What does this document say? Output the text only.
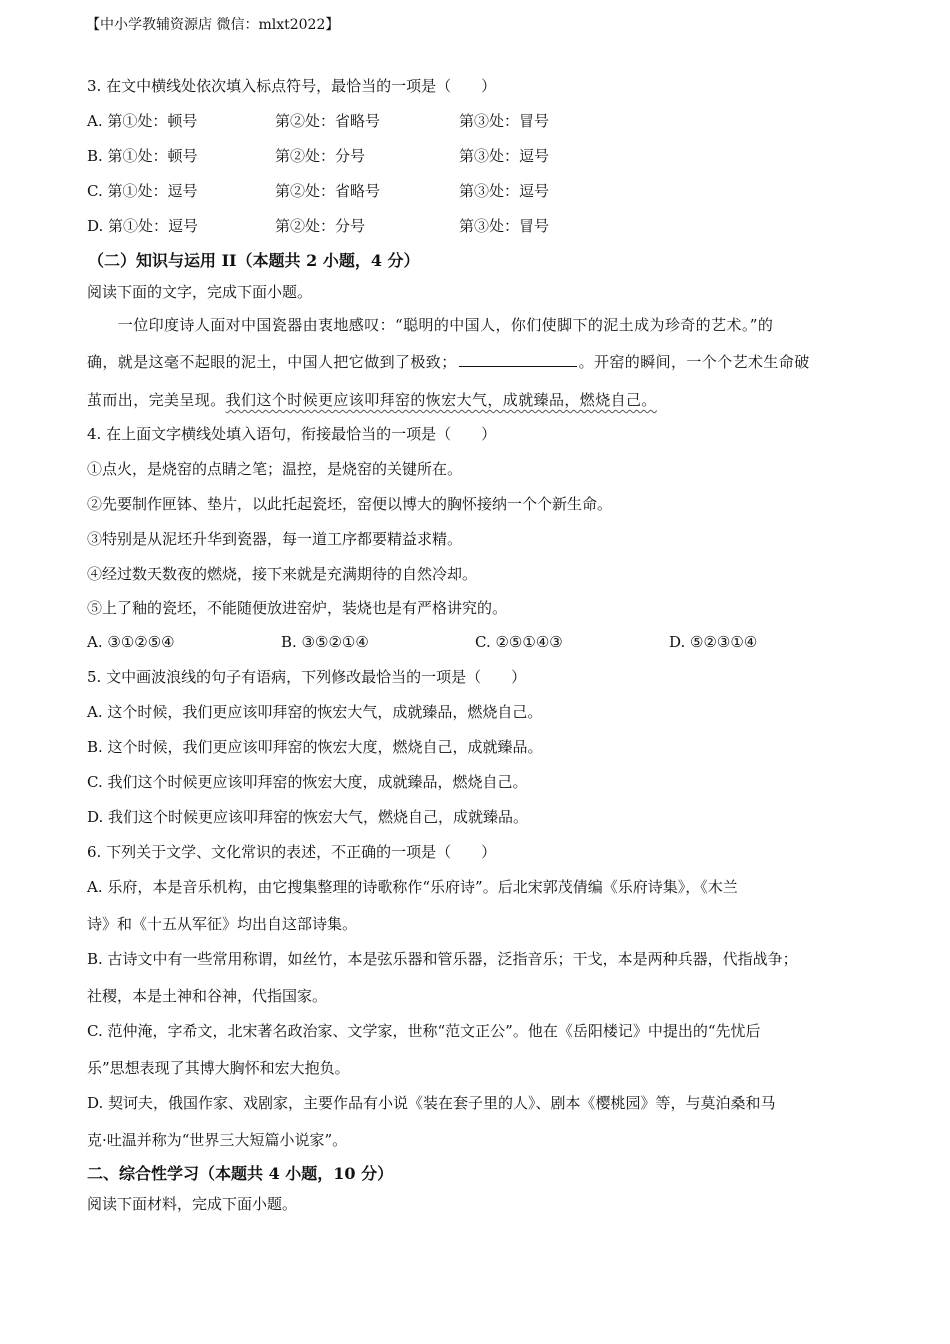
【中小学教辅资源店 微信：mlxt2022】
3. 在文中横线处依次填入标点符号，最恰当的一项是（　　）
A. 第①处：顿号	第②处：省略号	第③处：冒号
B. 第①处：顿号	第②处：分号	第③处：逗号
C. 第①处：逗号	第②处：省略号	第③处：逗号
D. 第①处：逗号	第②处：分号	第③处：冒号
（二）知识与运用 II（本题共 2 小题，4 分）
阅读下面的文字，完成下面小题。
　　一位印度诗人面对中国瓷器由衷地感叹：“聪明的中国人，你们使脚下的泥土成为珍奇的艺术。”的
确，就是这毫不起眼的泥土，中国人把它做到了极致；	。开窑的瞬间，一个个艺术生命破
茧而出，完美呈现。我们这个时候更应该叩拜窑的恢宏大气，成就臻品，燃烧自己。
4. 在上面文字横线处填入语句，衔接最恰当的一项是（　　）
①点火，是烧窑的点睛之笔；温控，是烧窑的关键所在。
②先要制作匣钵、垫片，以此托起瓷坯，窑便以博大的胸怀接纳一个个新生命。
③特别是从泥坯升华到瓷器，每一道工序都要精益求精。
④经过数天数夜的燃烧，接下来就是充满期待的自然冷却。
⑤上了釉的瓷坯，不能随便放进窑炉，装烧也是有严格讲究的。
A. ③①②⑤④	B. ③⑤②①④	C. ②⑤①④③	D. ⑤②③①④
5. 文中画波浪线的句子有语病，下列修改最恰当的一项是（　　）
A. 这个时候，我们更应该叩拜窑的恢宏大气，成就臻品，燃烧自己。
B. 这个时候，我们更应该叩拜窑的恢宏大度，燃烧自己，成就臻品。
C. 我们这个时候更应该叩拜窑的恢宏大度，成就臻品，燃烧自己。
D. 我们这个时候更应该叩拜窑的恢宏大气，燃烧自己，成就臻品。
6. 下列关于文学、文化常识的表述，不正确的一项是（　　）
A. 乐府，本是音乐机构，由它搜集整理的诗歌称作“乐府诗”。后北宋郭茂倩编《乐府诗集》，《木兰
诗》和《十五从军征》均出自这部诗集。
B. 古诗文中有一些常用称谓，如丝竹，本是弦乐器和管乐器，泛指音乐；干戈，本是两种兵器，代指战争；
社稷，本是土神和谷神，代指国家。
C. 范仲淹，字希文，北宋著名政治家、文学家，世称“范文正公”。他在《岳阳楼记》中提出的“先忧后
乐”思想表现了其博大胸怀和宏大抱负。
D. 契诃夫，俄国作家、戏剧家，主要作品有小说《装在套子里的人》、剧本《樱桃园》等，与莫泊桑和马
克·吐温并称为“世界三大短篇小说家”。
二、综合性学习（本题共 4 小题，10 分）
阅读下面材料，完成下面小题。
